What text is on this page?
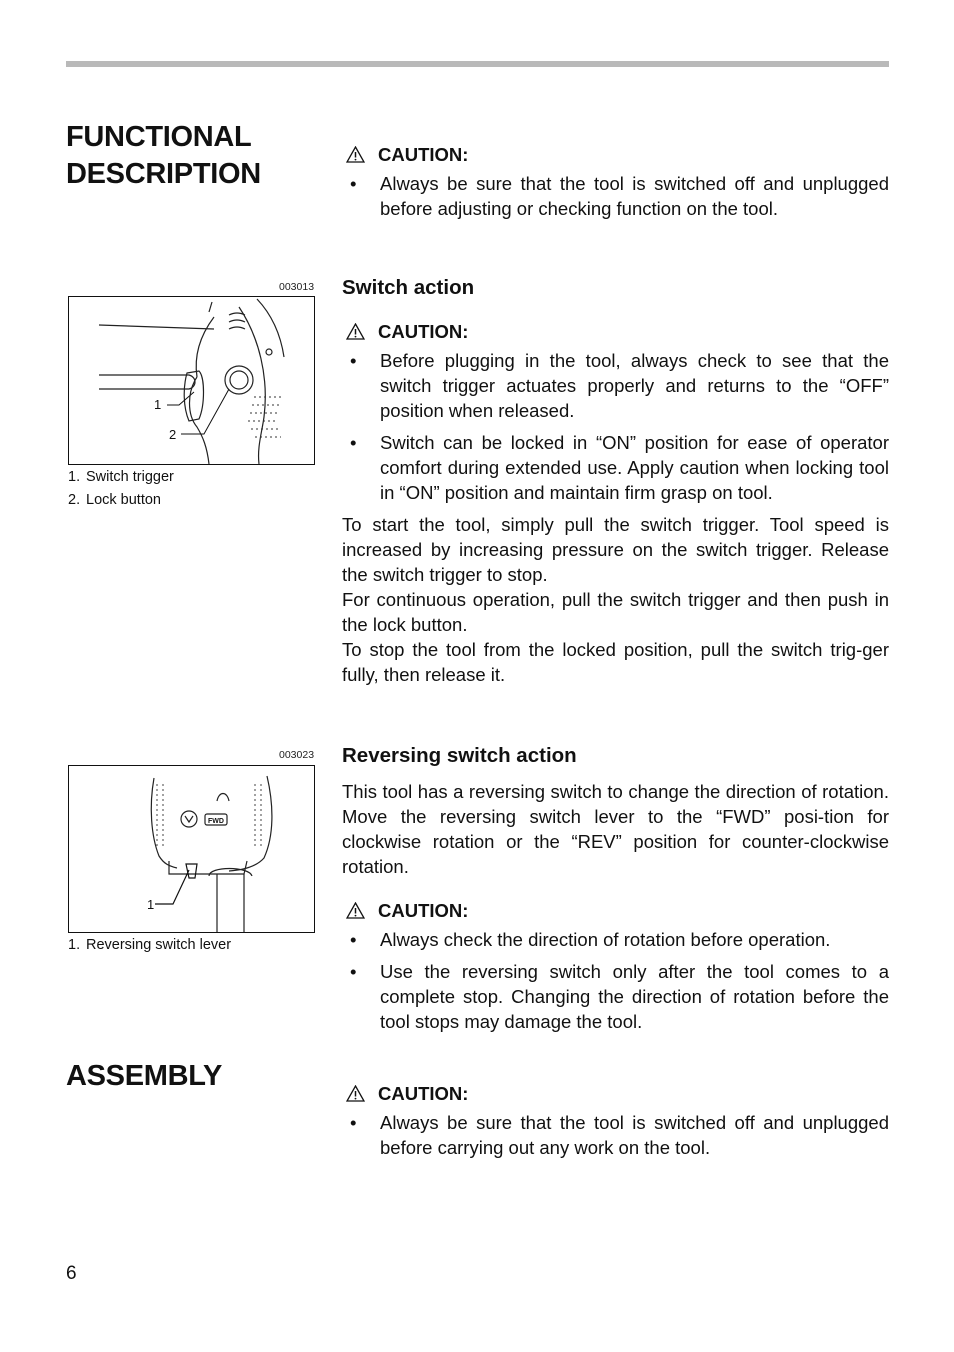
FUNCTIONAL DESCRIPTION
CAUTION:
• Always be sure that the tool is switched off and unplugged before adjusting or checking function on the tool.
003013
1
2
1. Switch trigger
2. Lock button
Switch action
CAUTION:
• Before plugging in the tool, always check to see that the switch trigger actuates properly and returns to the “OFF” position when released.
• Switch can be locked in “ON” position for ease of operator comfort during extended use. Apply caution when locking tool in “ON” position and maintain firm grasp on tool.

To start the tool, simply pull the switch trigger. Tool speed is increased by increasing pressure on the switch trigger. Release the switch trigger to stop.

For continuous operation, pull the switch trigger and then push in the lock button.

To stop the tool from the locked position, pull the switch trig-ger fully, then release it.

003023
FWD
1
1. Reversing switch lever
Reversing switch action

This tool has a reversing switch to change the direction of rotation. Move the reversing switch lever to the “FWD” posi-tion for clockwise rotation or the “REV” position for counter-clockwise rotation.

CAUTION:
• Always check the direction of rotation before operation.
• Use the reversing switch only after the tool comes to a complete stop. Changing the direction of rotation before the tool stops may damage the tool.
ASSEMBLY
CAUTION:
• Always be sure that the tool is switched off and unplugged before carrying out any work on the tool.
6
